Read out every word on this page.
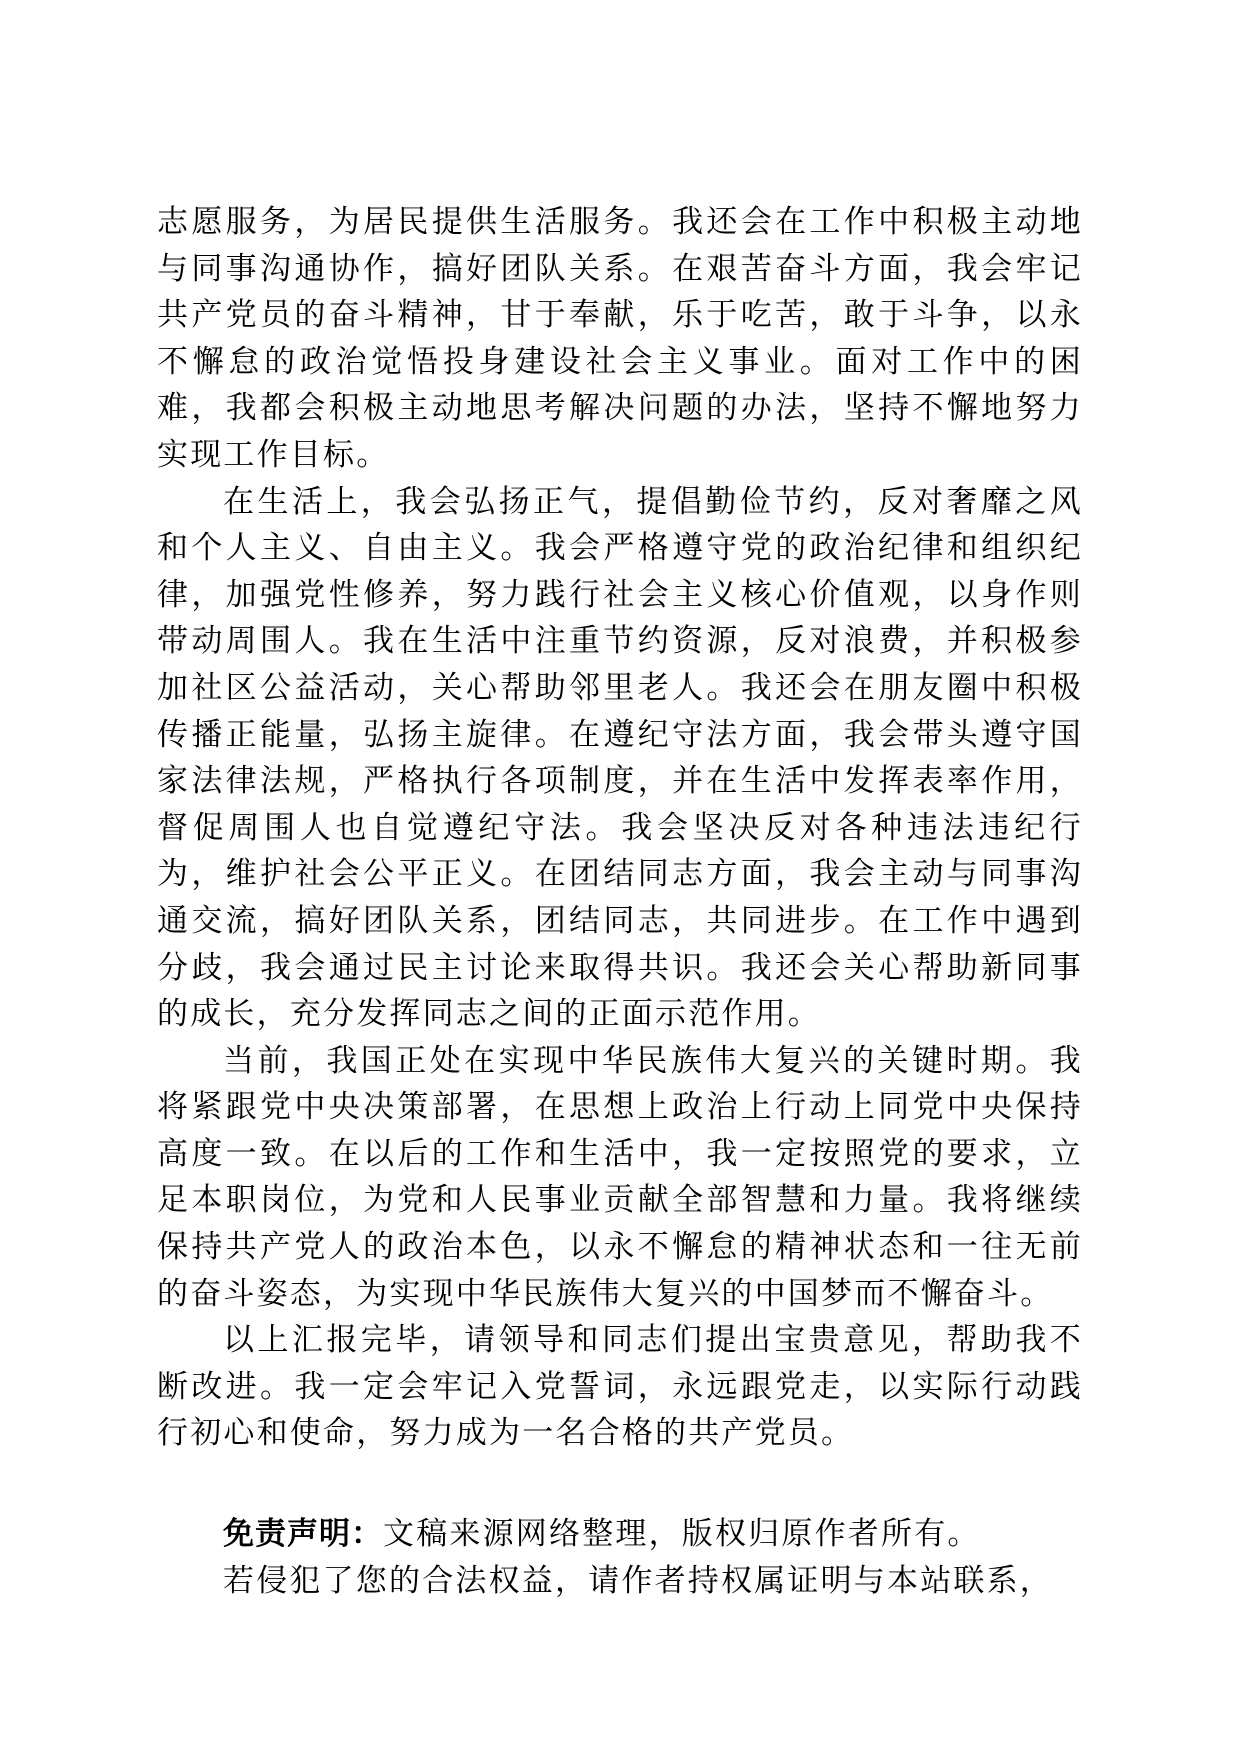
志愿服务，为居民提供生活服务。我还会在工作中积极主动地与同事沟通协作，搞好团队关系。在艰苦奋斗方面，我会牢记共产党员的奋斗精神，甘于奉献，乐于吃苦，敢于斗争，以永不懈怠的政治觉悟投身建设社会主义事业。面对工作中的困难，我都会积极主动地思考解决问题的办法，坚持不懈地努力实现工作目标。

在生活上，我会弘扬正气，提倡勤俭节约，反对奢靡之风和个人主义、自由主义。我会严格遵守党的政治纪律和组织纪律，加强党性修养，努力践行社会主义核心价值观，以身作则带动周围人。我在生活中注重节约资源，反对浪费，并积极参加社区公益活动，关心帮助邻里老人。我还会在朋友圈中积极传播正能量，弘扬主旋律。在遵纪守法方面，我会带头遵守国家法律法规，严格执行各项制度，并在生活中发挥表率作用，督促周围人也自觉遵纪守法。我会坚决反对各种违法违纪行为，维护社会公平正义。在团结同志方面，我会主动与同事沟通交流，搞好团队关系，团结同志，共同进步。在工作中遇到分歧，我会通过民主讨论来取得共识。我还会关心帮助新同事的成长，充分发挥同志之间的正面示范作用。

当前，我国正处在实现中华民族伟大复兴的关键时期。我将紧跟党中央决策部署，在思想上政治上行动上同党中央保持高度一致。在以后的工作和生活中，我一定按照党的要求，立足本职岗位，为党和人民事业贡献全部智慧和力量。我将继续保持共产党人的政治本色，以永不懈怠的精神状态和一往无前的奋斗姿态，为实现中华民族伟大复兴的中国梦而不懈奋斗。

以上汇报完毕，请领导和同志们提出宝贵意见，帮助我不断改进。我一定会牢记入党誓词，永远跟党走，以实际行动践行初心和使命，努力成为一名合格的共产党员。

免责声明：文稿来源网络整理，版权归原作者所有。

若侵犯了您的合法权益，请作者持权属证明与本站联系，
